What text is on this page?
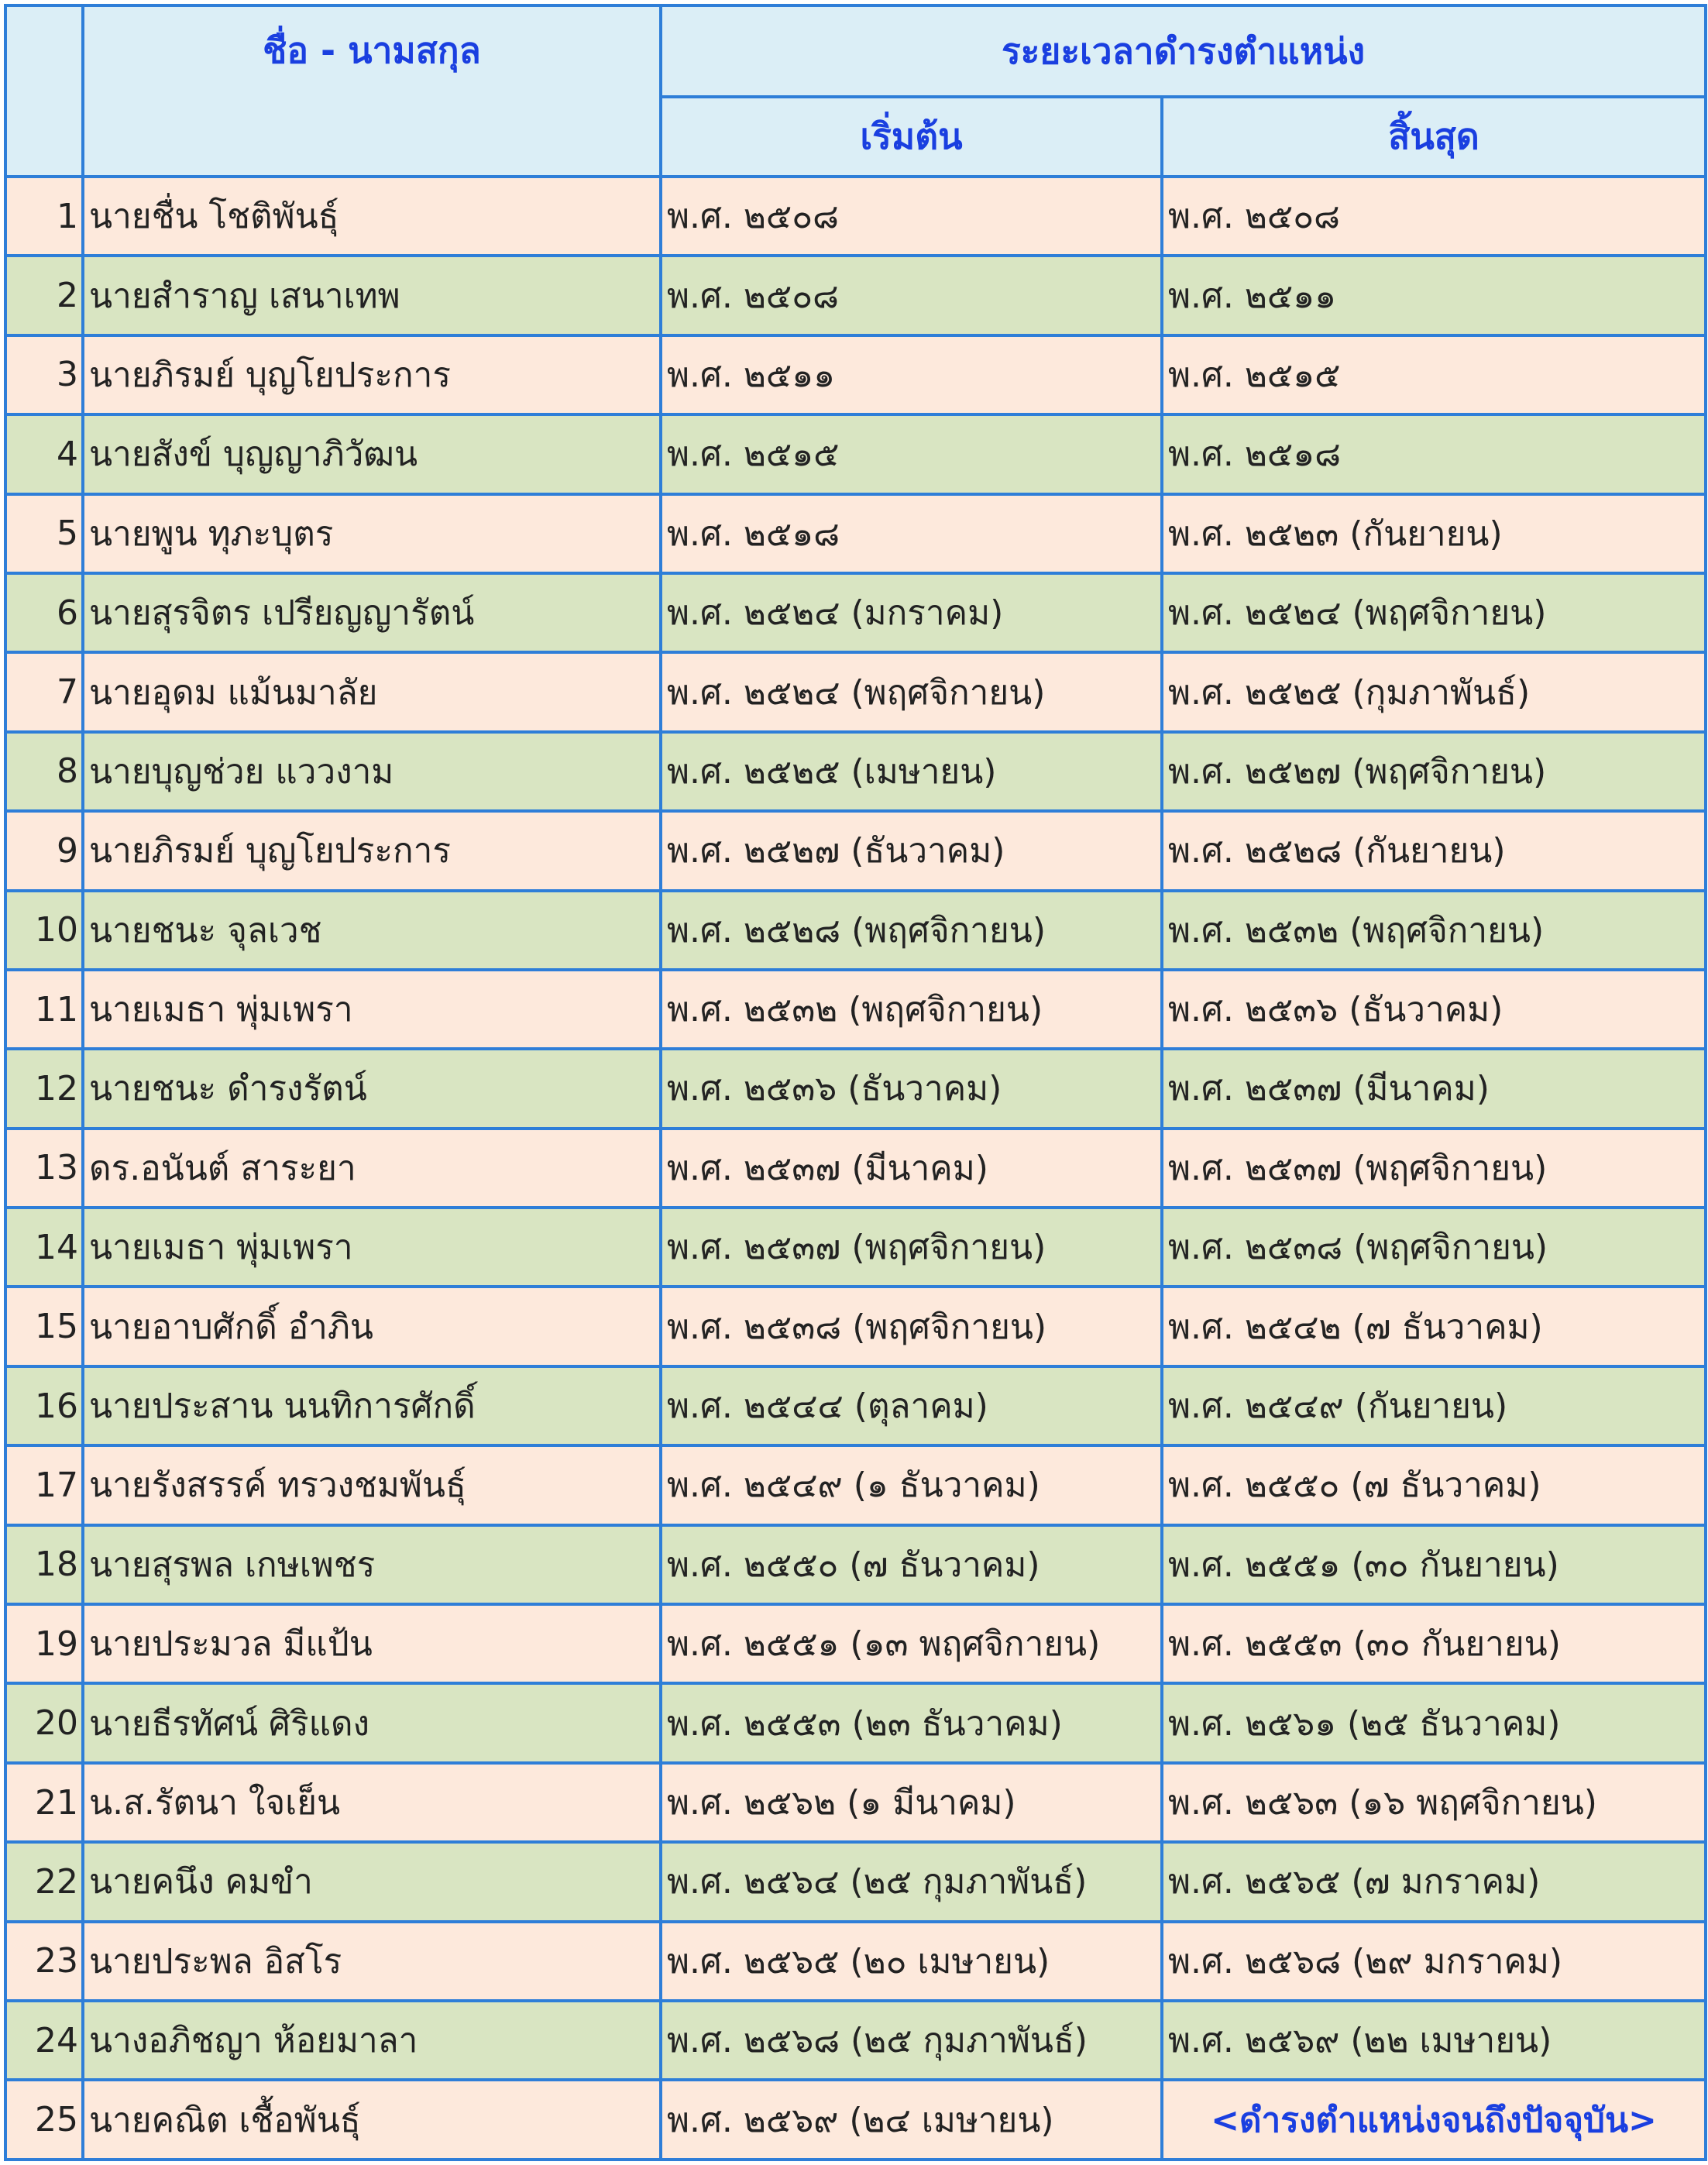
	ชื่อ - นามสกุล	ระยะเวลาดำรงตำแหน่ง	
		เริ่มต้น	สิ้นสุด
1	นายชื่น โชติพันธุ์	พ.ศ. ๒๕๐๘	พ.ศ. ๒๕๐๘
2	นายสำราญ เสนาเทพ	พ.ศ. ๒๕๐๘	พ.ศ. ๒๕๑๑
3	นายภิรมย์ บุญโยประการ	พ.ศ. ๒๕๑๑	พ.ศ. ๒๕๑๕
4	นายสังข์ บุญญาภิวัฒน	พ.ศ. ๒๕๑๕	พ.ศ. ๒๕๑๘
5	นายพูน ทุภะบุตร	พ.ศ. ๒๕๑๘	พ.ศ. ๒๕๒๓ (กันยายน)
6	นายสุรจิตร เปรียญญารัตน์	พ.ศ. ๒๕๒๔ (มกราคม)	พ.ศ. ๒๕๒๔ (พฤศจิกายน)
7	นายอุดม แม้นมาลัย	พ.ศ. ๒๕๒๔ (พฤศจิกายน)	พ.ศ. ๒๕๒๕ (กุมภาพันธ์)
8	นายบุญช่วย แววงาม	พ.ศ. ๒๕๒๕ (เมษายน)	พ.ศ. ๒๕๒๗ (พฤศจิกายน)
9	นายภิรมย์ บุญโยประการ	พ.ศ. ๒๕๒๗ (ธันวาคม)	พ.ศ. ๒๕๒๘ (กันยายน)
10	นายชนะ จุลเวช	พ.ศ. ๒๕๒๘ (พฤศจิกายน)	พ.ศ. ๒๕๓๒ (พฤศจิกายน)
11	นายเมธา พุ่มเพรา	พ.ศ. ๒๕๓๒ (พฤศจิกายน)	พ.ศ. ๒๕๓๖ (ธันวาคม)
12	นายชนะ ดำรงรัตน์	พ.ศ. ๒๕๓๖ (ธันวาคม)	พ.ศ. ๒๕๓๗ (มีนาคม)
13	ดร.อนันต์ สาระยา	พ.ศ. ๒๕๓๗ (มีนาคม)	พ.ศ. ๒๕๓๗ (พฤศจิกายน)
14	นายเมธา พุ่มเพรา	พ.ศ. ๒๕๓๗ (พฤศจิกายน)	พ.ศ. ๒๕๓๘ (พฤศจิกายน)
15	นายอาบศักดิ์ อำภิน	พ.ศ. ๒๕๓๘ (พฤศจิกายน)	พ.ศ. ๒๕๔๒ (๗ ธันวาคม)
16	นายประสาน นนทิการศักดิ์	พ.ศ. ๒๕๔๔ (ตุลาคม)	พ.ศ. ๒๕๔๙ (กันยายน)
17	นายรังสรรค์ ทรวงชมพันธุ์	พ.ศ. ๒๕๔๙ (๑ ธันวาคม)	พ.ศ. ๒๕๕๐ (๗ ธันวาคม)
18	นายสุรพล เกษเพชร	พ.ศ. ๒๕๕๐ (๗ ธันวาคม)	พ.ศ. ๒๕๕๑ (๓๐ กันยายน)
19	นายประมวล มีแป้น	พ.ศ. ๒๕๕๑ (๑๓ พฤศจิกายน)	พ.ศ. ๒๕๕๓ (๓๐ กันยายน)
20	นายธีรทัศน์ ศิริแดง	พ.ศ. ๒๕๕๓ (๒๓ ธันวาคม)	พ.ศ. ๒๕๖๑ (๒๕ ธันวาคม)
21	น.ส.รัตนา ใจเย็น	พ.ศ. ๒๕๖๒ (๑ มีนาคม)	พ.ศ. ๒๕๖๓ (๑๖ พฤศจิกายน)
22	นายคนึง คมขำ	พ.ศ. ๒๕๖๔ (๒๕ กุมภาพันธ์)	พ.ศ. ๒๕๖๕ (๗ มกราคม)
23	นายประพล อิสโร	พ.ศ. ๒๕๖๕ (๒๐ เมษายน)	พ.ศ. ๒๕๖๘ (๒๙ มกราคม)
24	นางอภิชญา ห้อยมาลา	พ.ศ. ๒๕๖๘ (๒๕ กุมภาพันธ์)	พ.ศ. ๒๕๖๙ (๒๒ เมษายน)
25	นายคณิต เชื้อพันธุ์	พ.ศ. ๒๕๖๙ (๒๔ เมษายน)	<ดำรงตำแหน่งจนถึงปัจจุบัน>
